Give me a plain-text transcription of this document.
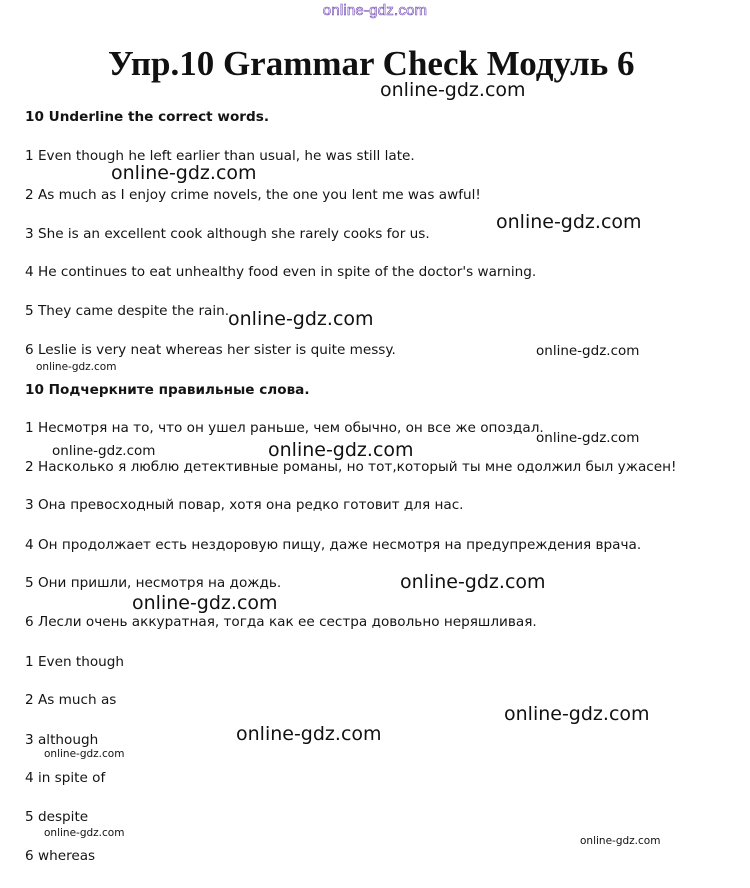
online-gdz.com
Упр.10 Grammar Check Модуль 6
10 Underline the correct words.
1 Even though he left earlier than usual, he was still late.
2 As much as I enjoy crime novels, the one you lent me was awful!
3 She is an excellent cook although she rarely cooks for us.
4 He continues to eat unhealthy food even in spite of the doctor's warning.
5 They came despite the rain.
6 Leslie is very neat whereas her sister is quite messy.
10 Подчеркните правильные слова.
1 Несмотря на то, что он ушел раньше, чем обычно, он все же опоздал.
2 Насколько я люблю детективные романы, но тот,который ты мне одолжил был ужасен!
3 Она превосходный повар, хотя она редко готовит для нас.
4 Он продолжает есть нездоровую пищу, даже несмотря на предупреждения врача.
5 Они пришли, несмотря на дождь.
6 Лесли очень аккуратная, тогда как ее сестра довольно неряшливая.
1 Even though
2 As much as
3 although
4 in spite of
5 despite
6 whereas
online-gdz.com
online-gdz.com
online-gdz.com
online-gdz.com
online-gdz.com
online-gdz.com
online-gdz.com
online-gdz.com	online-gdz.com
online-gdz.com
online-gdz.com
online-gdz.com
online-gdz.com
online-gdz.com
online-gdz.com
online-gdz.com
